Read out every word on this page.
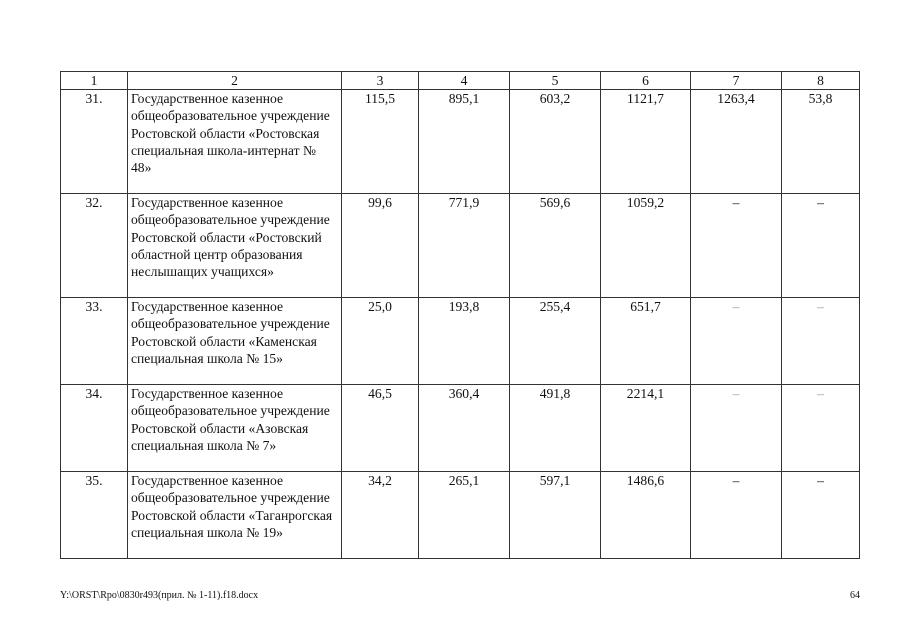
1	2	3	4	5	6	7	8
31.	Государственное казенное общеобразовательное учреждение Ростовской области «Ростовская специальная школа-интернат № 48»	115,5	895,1	603,2	1121,7	1263,4	53,8
32.	Государственное казенное общеобразовательное учреждение Ростовской области «Ростовский областной центр образования неслышащих учащихся»	99,6	771,9	569,6	1059,2	–	–
33.	Государственное казенное общеобразовательное учреждение Ростовской области «Каменская специальная школа № 15»	25,0	193,8	255,4	651,7	–	–
34.	Государственное казенное общеобразовательное учреждение Ростовской области «Азовская специальная школа № 7»	46,5	360,4	491,8	2214,1	–	–
35.	Государственное казенное общеобразовательное учреждение Ростовской области «Таганрогская специальная школа № 19»	34,2	265,1	597,1	1486,6	–	–
Y:\ORST\Rpo\0830r493(прил. № 1-11).f18.docx	64
